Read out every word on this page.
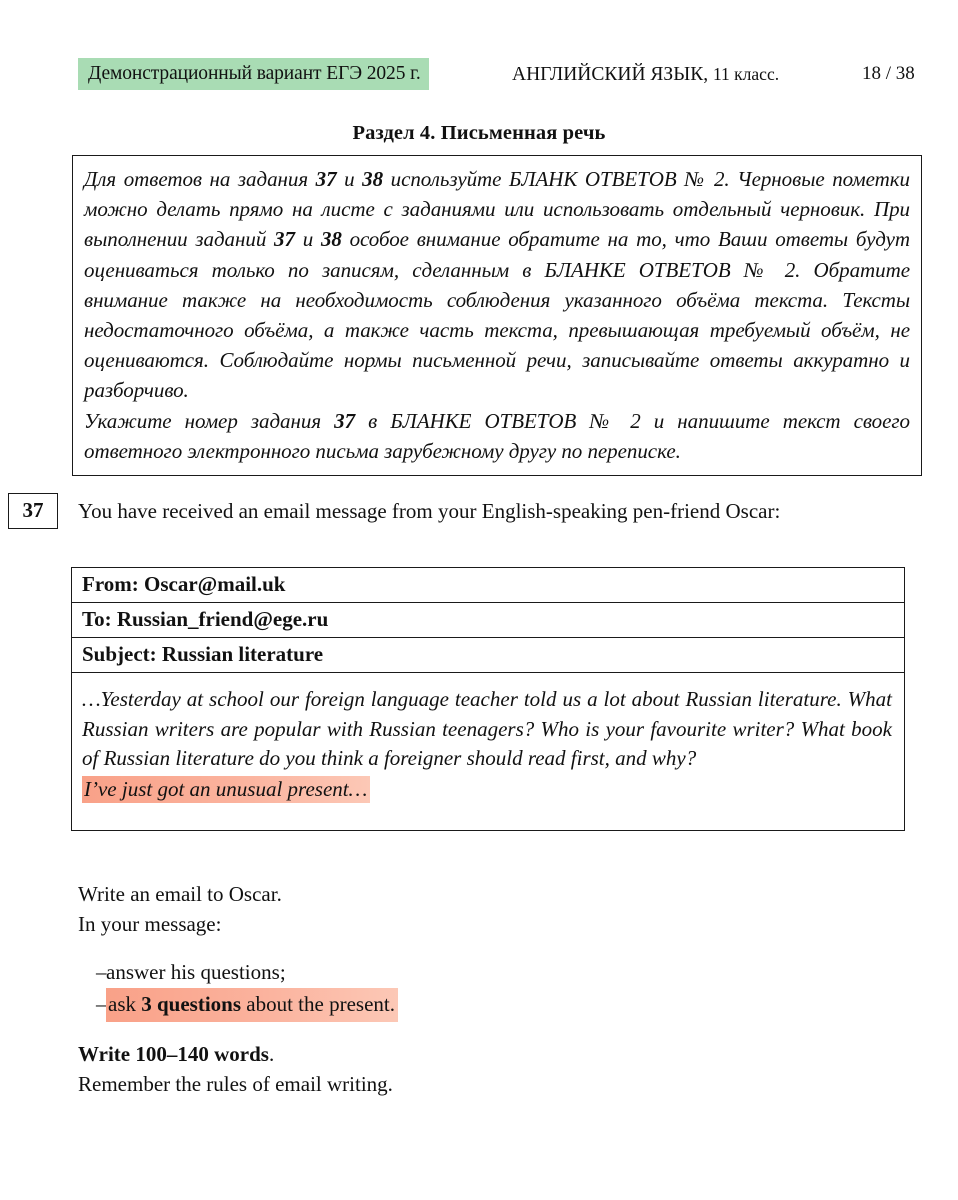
Демонстрационный вариант ЕГЭ 2025 г.	АНГЛИЙСКИЙ ЯЗЫК, 11 класс.	18 / 38
Раздел 4. Письменная речь

Для ответов на задания 37 и 38 используйте БЛАНК ОТВЕТОВ № 2. Черновые пометки можно делать прямо на листе с заданиями или использовать отдельный черновик. При выполнении заданий 37 и 38 особое внимание обратите на то, что Ваши ответы будут оцениваться только по записям, сделанным в БЛАНКЕ ОТВЕТОВ № 2. Обратите внимание также на необходимость соблюдения указанного объёма текста. Тексты недостаточного объёма, а также часть текста, превышающая требуемый объём, не оцениваются. Соблюдайте нормы письменной речи, записывайте ответы аккуратно и разборчиво.

Укажите номер задания 37 в БЛАНКЕ ОТВЕТОВ № 2 и напишите текст своего ответного электронного письма зарубежному другу по переписке.

37	You have received an email message from your English-speaking pen-friend Oscar:
From: Oscar@mail.uk
To: Russian_friend@ege.ru
Subject: Russian literature

…Yesterday at school our foreign language teacher told us a lot about Russian literature. What Russian writers are popular with Russian teenagers? Who is your favourite writer? What book of Russian literature do you think a foreigner should read first, and why?

I’ve just got an unusual present…

Write an email to Oscar.
In your message:
– answer his questions;
– ask 3 questions about the present.
Write 100–140 words.
Remember the rules of email writing.
